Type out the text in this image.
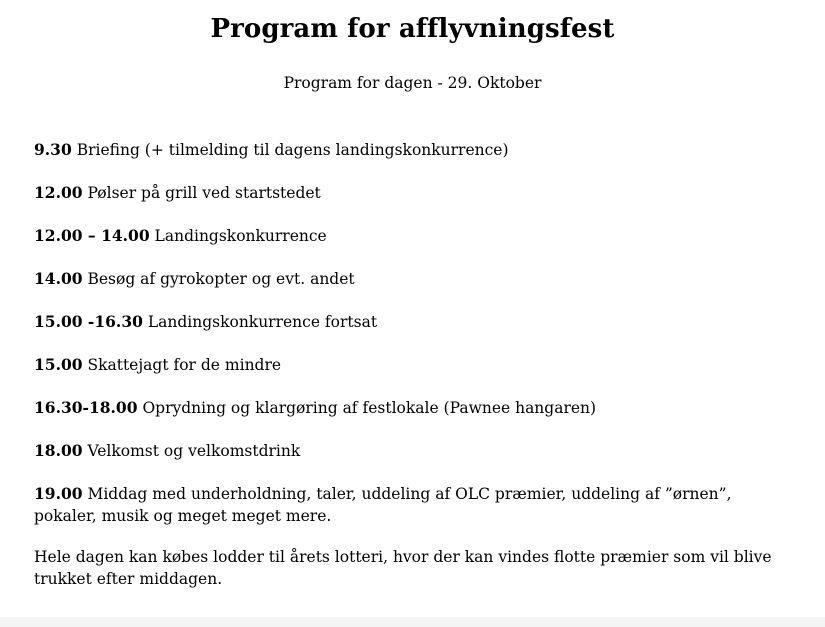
Program for afflyvningsfest

Program for dagen - 29. Oktober

9.30 Briefing (+ tilmelding til dagens landingskonkurrence)
12.00 Pølser på grill ved startstedet
12.00 – 14.00 Landingskonkurrence
14.00 Besøg af gyrokopter og evt. andet
15.00 -16.30 Landingskonkurrence fortsat
15.00 Skattejagt for de mindre
16.30-18.00 Oprydning og klargøring af festlokale (Pawnee hangaren)
18.00 Velkomst og velkomstdrink
19.00 Middag med underholdning, taler, uddeling af OLC præmier, uddeling af ”ørnen”,
pokaler, musik og meget meget mere.

Hele dagen kan købes lodder til årets lotteri, hvor der kan vindes flotte præmier som vil blive
trukket efter middagen.
